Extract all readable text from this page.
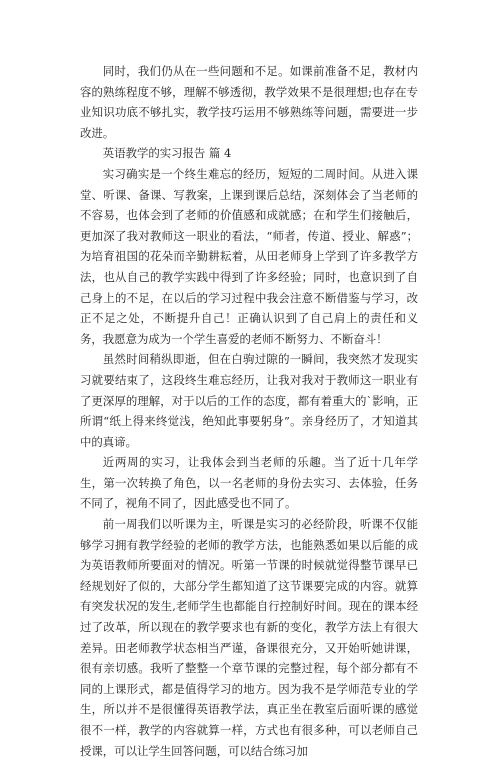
同时，我们仍从在一些问题和不足。如课前准备不足，教材内容的熟练程度不够，理解不够透彻，教学效果不是很理想;也存在专业知识功底不够扎实，教学技巧运用不够熟练等问题，需要进一步改进。

英语教学的实习报告 篇 4

实习确实是一个终生难忘的经历，短短的二周时间。从进入课堂、听课、备课、写教案，上课到课后总结，深刻体会了当老师的不容易，也体会到了老师的价值感和成就感；在和学生们接触后，更加深了我对教师这一职业的看法，“师者，传道、授业、解惑”；为培育祖国的花朵而辛勤耕耘着，从田老师身上学到了许多教学方法，也从自己的教学实践中得到了许多经验；同时，也意识到了自己身上的不足，在以后的学习过程中我会注意不断借鉴与学习，改正不足之处，不断提升自己！正确认识到了自己肩上的责任和义务，我愿意为成为一个学生喜爱的老师不断努力、不断奋斗！

虽然时间稍纵即逝，但在白驹过隙的一瞬间，我突然才发现实习就要结束了，这段终生难忘经历，让我对我对于教师这一职业有了更深厚的理解，对于以后的工作的态度，都有着重大的`影响，正所谓“纸上得来终觉浅，绝知此事要躬身”。亲身经历了，才知道其中的真谛。

近两周的实习，让我体会到当老师的乐趣。当了近十几年学生，第一次转换了角色，以一名老师的身份去实习、去体验，任务不同了，视角不同了，因此感受也不同了。

前一周我们以听课为主，听课是实习的必经阶段，听课不仅能够学习拥有教学经验的老师的教学方法，也能熟悉如果以后能的成为英语教师所要面对的情况。听第一节课的时候就觉得整节课早已经规划好了似的，大部分学生都知道了这节课要完成的内容。就算有突发状况的发生,老师学生也都能自行控制好时间。现在的课本经过了改革，所以现在的教学要求也有新的变化，教学方法上有很大差异。田老师教学状态相当严谨，备课很充分，又开始听她讲课，很有亲切感。我听了整整一个章节课的完整过程，每个部分都有不同的上课形式，都是值得学习的地方。因为我不是学师范专业的学生，所以并不是很懂得英语教学法，真正坐在教室后面听课的感觉很不一样，教学的内容就算一样，方式也有很多种，可以老师自己授课，可以让学生回答问题，可以结合练习加
